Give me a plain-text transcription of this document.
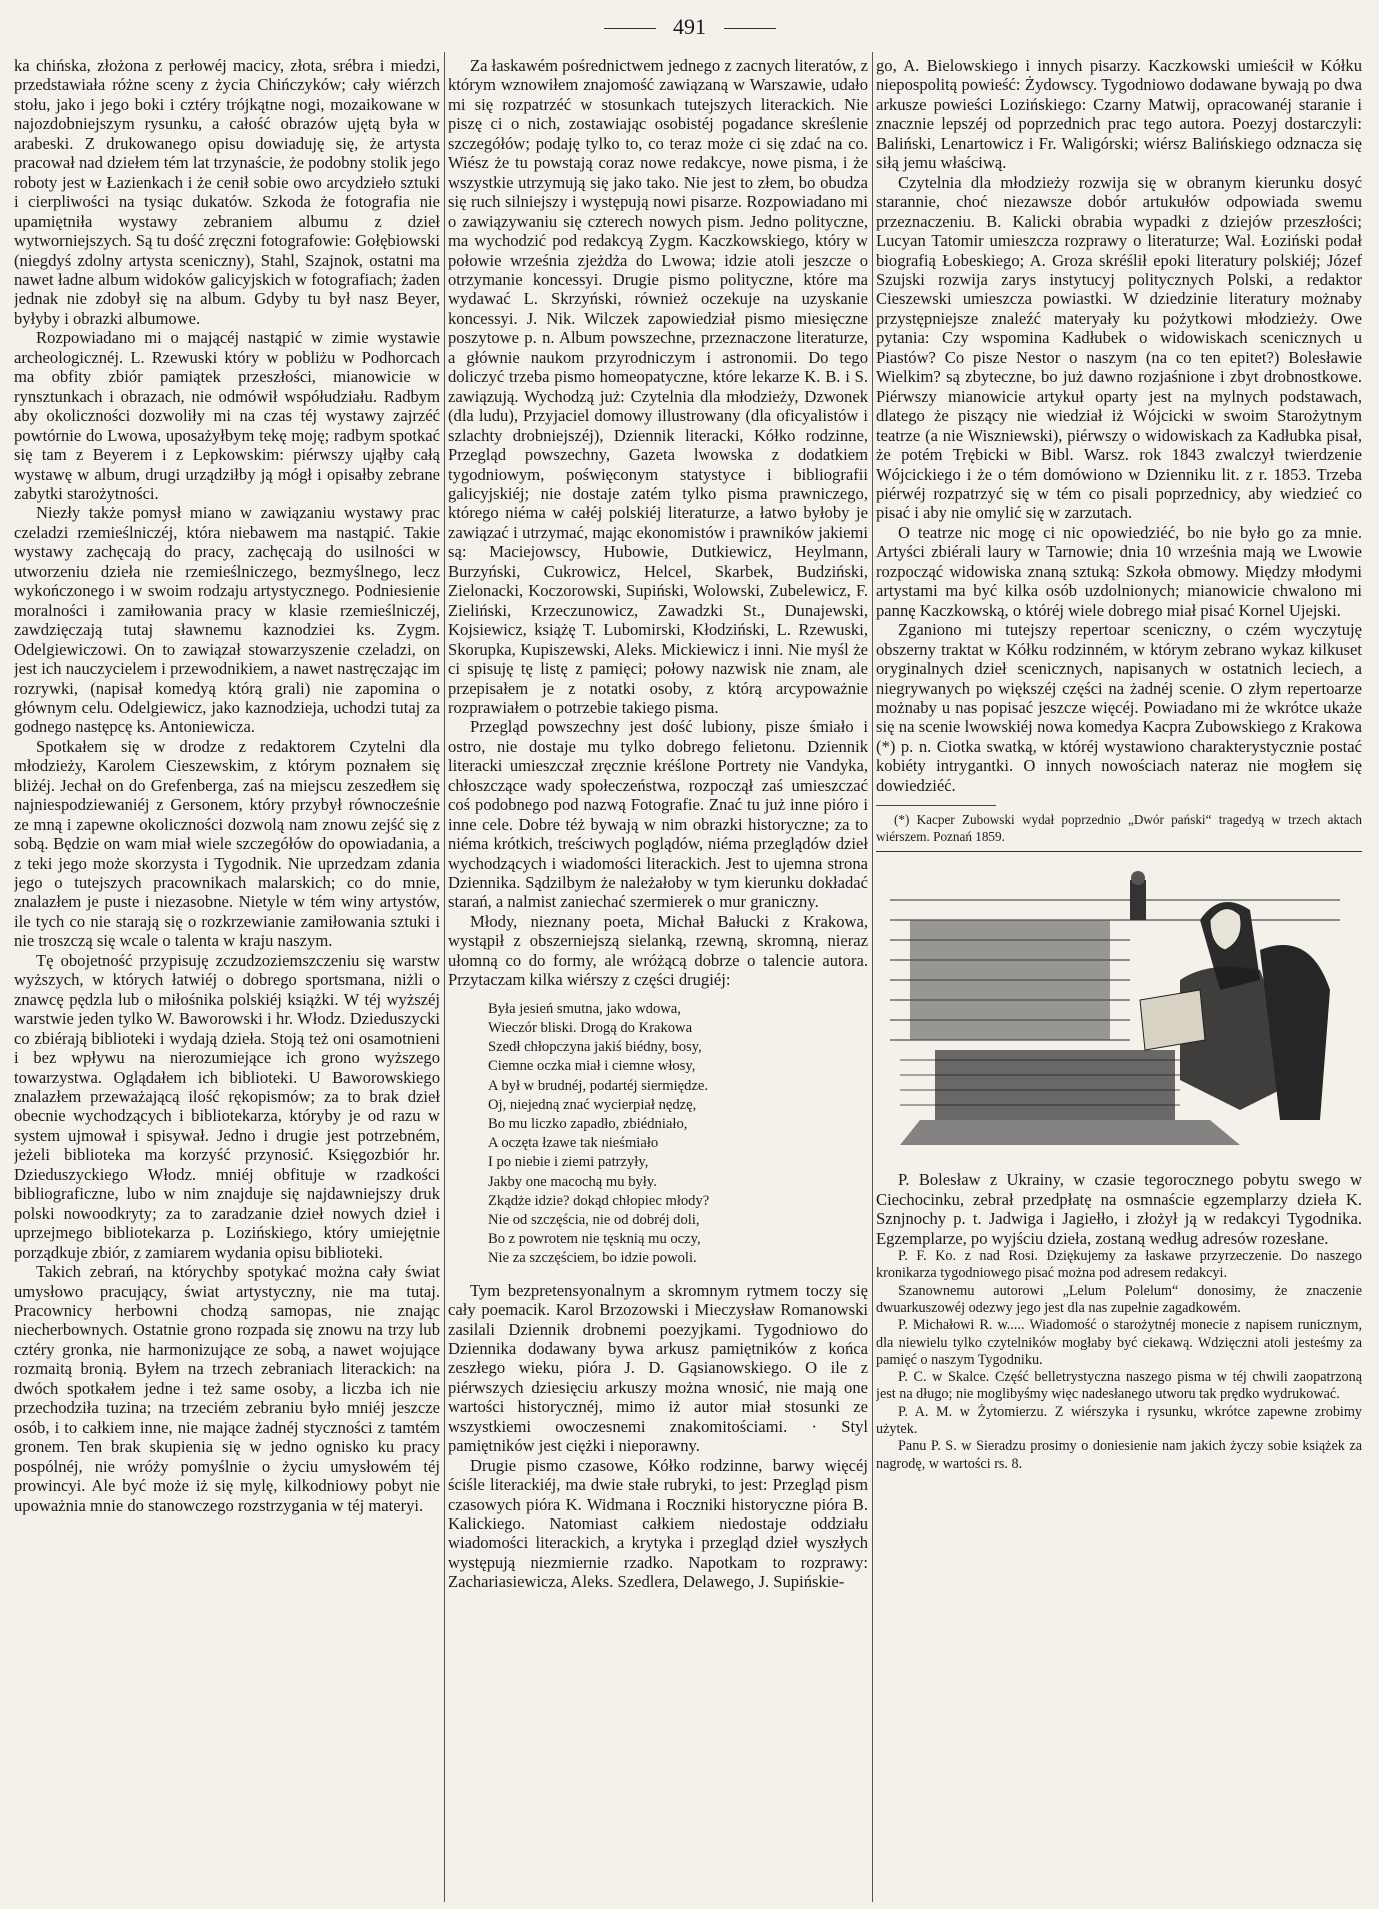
491

ka chińska, złożona z perłowéj macicy, złota, srébra i miedzi, przedstawiała różne sceny z życia Chińczyków; cały wiérzch stołu, jako i jego boki i cztéry trójkątne nogi, mozaikowane w najozdobniejszym rysunku, a całość obrazów ujętą była w arabeski. Z drukowanego opisu dowiaduję się, że artysta pracował nad dziełem tém lat trzynaście, że podobny stolik jego roboty jest w Łazienkach i że cenił sobie owo arcydzieło sztuki i cierpliwości na tysiąc dukatów. Szkoda że fotografia nie upamiętniła wystawy zebraniem albumu z dzieł wytworniejszych. Są tu dość zręczni fotografowie: Gołębiowski (niegdyś zdolny artysta sceniczny), Stahl, Szajnok, ostatni ma nawet ładne album widoków galicyjskich w fotografiach; żaden jednak nie zdobył się na album. Gdyby tu był nasz Beyer, byłyby i obrazki albumowe.

Rozpowiadano mi o mającéj nastąpić w zimie wystawie archeologicznéj. L. Rzewuski który w pobliżu w Podhorcach ma obfity zbiór pamiątek przeszłości, mianowicie w rynsztunkach i obrazach, nie odmówił współudziału. Radbym aby okoliczności dozwoliły mi na czas téj wystawy zajrzéć powtórnie do Lwowa, uposażyłbym tekę moję; radbym spotkać się tam z Beyerem i z Lepkowskim: piérwszy ująłby całą wystawę w album, drugi urządziłby ją mógł i opisałby zebrane zabytki starożytności.

Niezły także pomysł miano w zawiązaniu wystawy prac czeladzi rzemieślniczéj, która niebawem ma nastąpić. Takie wystawy zachęcają do pracy, zachęcają do usilności w utworzeniu dzieła nie rzemieślniczego, bezmyślnego, lecz wykończonego i w swoim rodzaju artystycznego. Podniesienie moralności i zamiłowania pracy w klasie rzemieślniczéj, zawdzięczają tutaj sławnemu kaznodziei ks. Zygm. Odelgiewiczowi. On to zawiązał stowarzyszenie czeladzi, on jest ich nauczycielem i przewodnikiem, a nawet nastręczając im rozrywki, (napisał komedyą którą grali) nie zapomina o głównym celu. Odelgiewicz, jako kaznodzieja, uchodzi tutaj za godnego następcę ks. Antoniewicza.

Spotkałem się w drodze z redaktorem Czytelni dla młodzieży, Karolem Cieszewskim, z którym poznałem się bliżéj. Jechał on do Grefenberga, zaś na miejscu zeszedłem się najniespodziewaniéj z Gersonem, który przybył równocześnie ze mną i zapewne okoliczności dozwolą nam znowu zejść się z sobą. Będzie on wam miał wiele szczegółów do opowiadania, a z teki jego może skorzysta i Tygodnik. Nie uprzedzam zdania jego o tutejszych pracownikach malarskich; co do mnie, znalazłem je puste i niezasobne. Nietyle w tém winy artystów, ile tych co nie starają się o rozkrzewianie zamiłowania sztuki i nie troszczą się wcale o talenta w kraju naszym.

Tę obojetność przypisuję zczudzoziemszczeniu się warstw wyższych, w których łatwiéj o dobrego sportsmana, niżli o znawcę pędzla lub o miłośnika polskiéj książki. W téj wyższéj warstwie jeden tylko W. Baworowski i hr. Włodz. Dzieduszycki co zbiérają biblioteki i wydają dzieła. Stoją też oni osamotnieni i bez wpływu na nierozumiejące ich grono wyższego towarzystwa. Oglądałem ich biblioteki. U Baworowskiego znalazłem przeważającą ilość rękopismów; za to brak dzieł obecnie wychodzących i bibliotekarza, któryby je od razu w system ujmował i spisywał. Jedno i drugie jest potrzebném, jeżeli biblioteka ma korzyść przynosić. Księgozbiór hr. Dzieduszyckiego Włodz. mniéj obfituje w rzadkości bibliograficzne, lubo w nim znajduje się najdawniejszy druk polski nowoodkryty; za to zaradzanie dzieł nowych dzieł i uprzejmego bibliotekarza p. Lozińskiego, który umiejętnie porządkuje zbiór, z zamiarem wydania opisu biblioteki.

Takich zebrań, na którychby spotykać można cały świat umysłowo pracujący, świat artystyczny, nie ma tutaj. Pracownicy herbowni chodzą samopas, nie znając niecherbownych. Ostatnie grono rozpada się znowu na trzy lub cztéry gronka, nie harmonizujące ze sobą, a nawet wojujące rozmaitą bronią. Byłem na trzech zebraniach literackich: na dwóch spotkałem jedne i też same osoby, a liczba ich nie przechodziła tuzina; na trzeciém zebraniu było mniéj jeszcze osób, i to całkiem inne, nie mające żadnéj styczności z tamtém gronem. Ten brak skupienia się w jedno ognisko ku pracy pospólnéj, nie wróży pomyślnie o życiu umysłowém téj prowincyi. Ale być może iż się mylę, kilkodniowy pobyt nie upoważnia mnie do stanowczego rozstrzygania w téj materyi.

Za łaskawém pośrednictwem jednego z zacnych literatów, z którym wznowiłem znajomość zawiązaną w Warszawie, udało mi się rozpatrzéć w stosunkach tutejszych literackich. Nie piszę ci o nich, zostawiając osobistéj pogadance skreślenie szczegółów; podaję tylko to, co teraz może ci się zdać na co. Wiész że tu powstają coraz nowe redakcye, nowe pisma, i że wszystkie utrzymują się jako tako. Nie jest to złem, bo obudza się ruch silniejszy i występują nowi pisarze. Rozpowiadano mi o zawiązywaniu się czterech nowych pism. Jedno polityczne, ma wychodzić pod redakcyą Zygm. Kaczkowskiego, który w połowie września zjeżdża do Lwowa; idzie atoli jeszcze o otrzymanie koncessyi. Drugie pismo polityczne, które ma wydawać L. Skrzyński, również oczekuje na uzyskanie koncessyi. J. Nik. Wilczek zapowiedział pismo miesięczne poszytowe p. n. Album powszechne, przeznaczone literaturze, a głównie naukom przyrodniczym i astronomii. Do tego doliczyć trzeba pismo homeopatyczne, które lekarze K. B. i S. zawiązują. Wychodzą już: Czytelnia dla młodzieży, Dzwonek (dla ludu), Przyjaciel domowy illustrowany (dla oficyalistów i szlachty drobniejszéj), Dziennik literacki, Kółko rodzinne, Przegląd powszechny, Gazeta lwowska z dodatkiem tygodniowym, poświęconym statystyce i bibliografii galicyjskiéj; nie dostaje zatém tylko pisma prawniczego, którego niéma w całéj polskiéj literaturze, a łatwo byłoby je zawiązać i utrzymać, mając ekonomistów i prawników jakiemi są: Maciejowscy, Hubowie, Dutkiewicz, Heylmann, Burzyński, Cukrowicz, Helcel, Skarbek, Budziński, Zielonacki, Koczorowski, Supiński, Wolowski, Zubelewicz, F. Zieliński, Krzeczunowicz, Zawadzki St., Dunajewski, Kojsiewicz, książę T. Lubomirski, Kłodziński, L. Rzewuski, Skorupka, Kupiszewski, Aleks. Mickiewicz i inni. Nie myśl że ci spisuję tę listę z pamięci; połowy nazwisk nie znam, ale przepisałem je z notatki osoby, z którą arcypoważnie rozprawiałem o potrzebie takiego pisma.

Przegląd powszechny jest dość lubiony, pisze śmiało i ostro, nie dostaje mu tylko dobrego felietonu. Dziennik literacki umieszczał zręcznie kréślone Portrety nie Vandyka, chłoszczące wady społeczeństwa, rozpoczął zaś umieszczać coś podobnego pod nazwą Fotografie. Znać tu już inne pióro i inne cele. Dobre téż bywają w nim obrazki historyczne; za to niéma krótkich, treściwych poglądów, niéma przeglądów dzieł wychodzących i wiadomości literackich. Jest to ujemna strona Dziennika. Sądzilbym że należałoby w tym kierunku dokładać starań, a nalmist zaniechać szermierek o mur graniczny.

Młody, nieznany poeta, Michał Bałucki z Krakowa, wystąpił z obszerniejszą sielanką, rzewną, skromną, nieraz ułomną co do formy, ale wróżącą dobrze o talencie autora. Przytaczam kilka wiérszy z części drugiéj:

Była jesień smutna, jako wdowa,
Wieczór bliski. Drogą do Krakowa
Szedł chłopczyna jakiś biédny, bosy,
Ciemne oczka miał i ciemne włosy,
A był w brudnéj, podartéj siermiędze.
Oj, niejedną znać wycierpiał nędzę,
Bo mu liczko zapadło, zbiédniało,
A oczęta łzawe tak nieśmiało
I po niebie i ziemi patrzyły,
Jakby one macochą mu były.
Zkądże idzie? dokąd chłopiec młody?
Nie od szczęścia, nie od dobréj doli,
Bo z powrotem nie tęsknią mu oczy,
Nie za szczęściem, bo idzie powoli.

Tym bezpretensyonalnym a skromnym rytmem toczy się cały poemacik. Karol Brzozowski i Mieczysław Romanowski zasilali Dziennik drobnemi poezyjkami. Tygodniowo do Dziennika dodawany bywa arkusz pamiętników z końca zeszłego wieku, pióra J. D. Gąsianowskiego. O ile z piérwszych dziesięciu arkuszy można wnosić, nie mają one wartości historycznéj, mimo iż autor miał stosunki ze wszystkiemi owoczesnemi znakomitościami. · Styl pamiętników jest ciężki i nieporawny.

Drugie pismo czasowe, Kółko rodzinne, barwy więcéj ściśle literackiéj, ma dwie stałe rubryki, to jest: Przegląd pism czasowych pióra K. Widmana i Roczniki historyczne pióra B. Kalickiego. Natomiast całkiem niedostaje oddziału wiadomości literackich, a krytyka i przegląd dzieł wyszłych występują niezmiernie rzadko. Napotkam to rozprawy: Zachariasiewicza, Aleks. Szedlera, Delawego, J. Supińskie-

go, A. Bielowskiego i innych pisarzy. Kaczkowski umieścił w Kółku niepospolitą powieść: Żydowscy. Tygodniowo dodawane bywają po dwa arkusze powieści Lozińskiego: Czarny Matwij, opracowanéj staranie i znacznie lepszéj od poprzednich prac tego autora. Poezyj dostarczyli: Baliński, Lenartowicz i Fr. Waligórski; wiérsz Balińskiego odznacza się siłą jemu właściwą.

Czytelnia dla młodzieży rozwija się w obranym kierunku dosyć starannie, choć niezawsze dobór artukułów odpowiada swemu przeznaczeniu. B. Kalicki obrabia wypadki z dziejów przeszłości; Lucyan Tatomir umieszcza rozprawy o literaturze; Wal. Łoziński podał biografią Łobeskiego; A. Groza skréślił epoki literatury polskiéj; Józef Szujski rozwija zarys instytucyj politycznych Polski, a redaktor Cieszewski umieszcza powiastki. W dziedzinie literatury możnaby przystępniejsze znaleźć materyały ku pożytkowi młodzieży. Owe pytania: Czy wspomina Kadłubek o widowiskach scenicznych u Piastów? Co pisze Nestor o naszym (na co ten epitet?) Bolesławie Wielkim? są zbyteczne, bo już dawno rozjaśnione i zbyt drobnostkowe. Piérwszy mianowicie artykuł oparty jest na mylnych podstawach, dlatego że piszący nie wiedział iż Wójcicki w swoim Starożytnym teatrze (a nie Wiszniewski), piérwszy o widowiskach za Kadłubka pisał, że potém Trębicki w Bibl. Warsz. rok 1843 zwalczył twierdzenie Wójcickiego i że o tém domówiono w Dzienniku lit. z r. 1853. Trzeba piérwéj rozpatrzyć się w tém co pisali poprzednicy, aby wiedzieć co pisać i aby nie omylić się w zarzutach.

O teatrze nic mogę ci nic opowiedziéć, bo nie było go za mnie. Artyści zbiérali laury w Tarnowie; dnia 10 września mają we Lwowie rozpocząć widowiska znaną sztuką: Szkoła obmowy. Między młodymi artystami ma być kilka osób uzdolnionych; mianowicie chwalono mi pannę Kaczkowską, o któréj wiele dobrego miał pisać Kornel Ujejski.

Zganiono mi tutejszy repertoar sceniczny, o czém wyczytuję obszerny traktat w Kółku rodzinném, w którym zebrano wykaz kilkuset oryginalnych dzieł scenicznych, napisanych w ostatnich leciech, a niegrywanych po większéj części na żadnéj scenie. O złym repertoarze możnaby u nas popisać jeszcze więcéj. Powiadano mi że wkrótce ukaże się na scenie lwowskiéj nowa komedya Kacpra Zubowskiego z Krakowa (*) p. n. Ciotka swatką, w któréj wystawiono charakterystycznie postać kobiéty intrygantki. O innych nowościach nateraz nie mogłem się dowiedziéć.

(*) Kacper Zubowski wydał poprzednio „Dwór pański“ tragedyą w trzech aktach wiérszem. Poznań 1859.

P. Bolesław z Ukrainy, w czasie tegorocznego pobytu swego w Ciechocinku, zebrał przedpłatę na osmnaście egzemplarzy dzieła K. Sznjnochy p. t. Jadwiga i Jagiełło, i złożył ją w redakcyi Tygodnika. Egzemplarze, po wyjściu dzieła, zostaną według adresów rozesłane.

P. F. Ko. z nad Rosi. Dziękujemy za łaskawe przyrzeczenie. Do naszego kronikarza tygodniowego pisać można pod adresem redakcyi.

Szanownemu autorowi „Lelum Polelum“ donosimy, że znaczenie dwuarkuszowéj odezwy jego jest dla nas zupełnie zagadkowém.

P. Michałowi R. w..... Wiadomość o starożytnéj monecie z napisem runicznym, dla niewielu tylko czytelników mogłaby być ciekawą. Wdzięczni atoli jesteśmy za pamięć o naszym Tygodniku.

P. C. w Skalce. Część belletrystyczna naszego pisma w téj chwili zaopatrzoną jest na długo; nie moglibyśmy więc nadesłanego utworu tak prędko wydrukować.

P. A. M. w Żytomierzu. Z wiérszyka i rysunku, wkrótce zapewne zrobimy użytek.

Panu P. S. w Sieradzu prosimy o doniesienie nam jakich życzy sobie książek za nagrodę, w wartości rs. 8.
